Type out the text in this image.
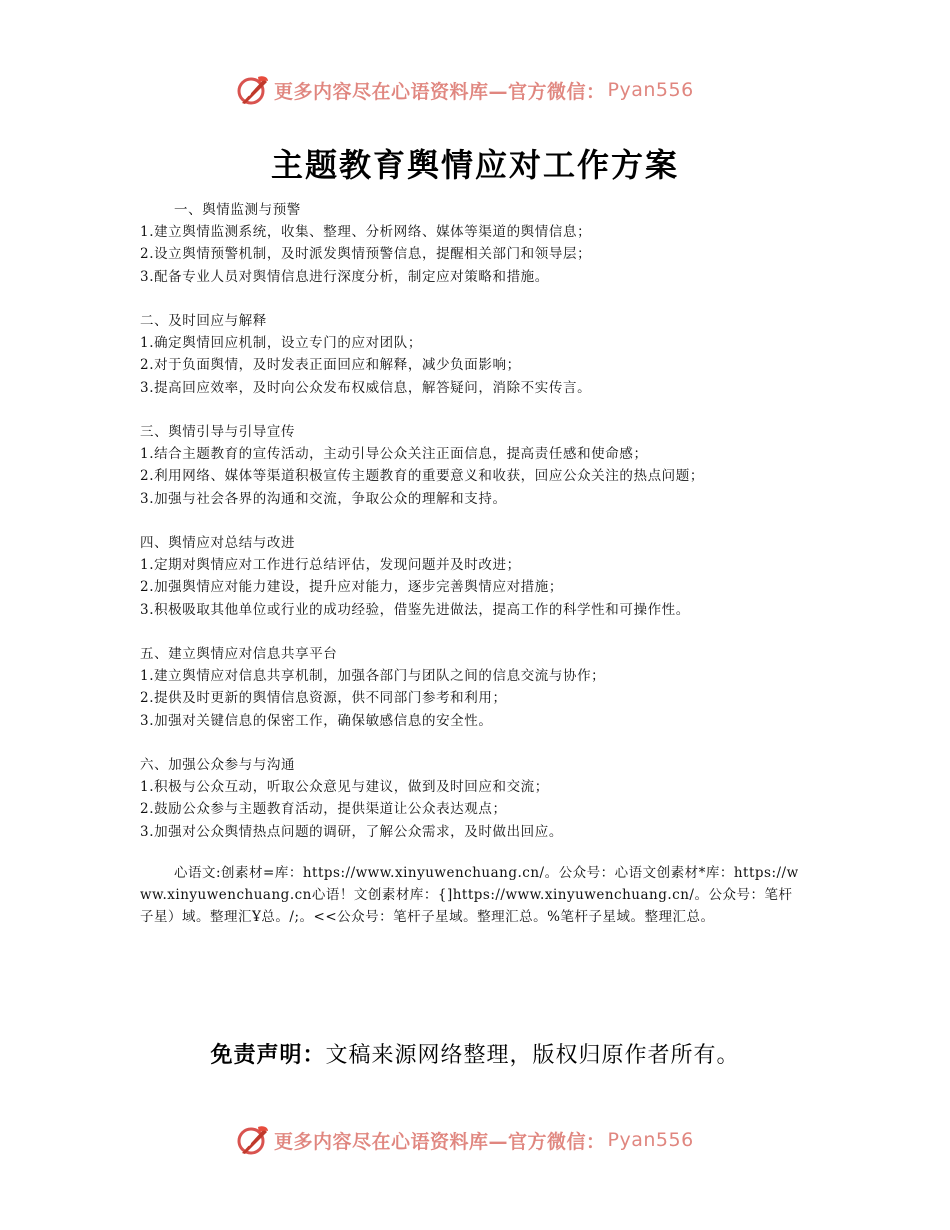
更多内容尽在心语资料库—官方微信： Pyan556
主题教育舆情应对工作方案
一、舆情监测与预警
1.建立舆情监测系统，收集、整理、分析网络、媒体等渠道的舆情信息；
2.设立舆情预警机制，及时派发舆情预警信息，提醒相关部门和领导层；
3.配备专业人员对舆情信息进行深度分析，制定应对策略和措施。
二、及时回应与解释
1.确定舆情回应机制，设立专门的应对团队；
2.对于负面舆情，及时发表正面回应和解释，减少负面影响；
3.提高回应效率，及时向公众发布权威信息，解答疑问，消除不实传言。
三、舆情引导与引导宣传
1.结合主题教育的宣传活动，主动引导公众关注正面信息，提高责任感和使命感；
2.利用网络、媒体等渠道积极宣传主题教育的重要意义和收获，回应公众关注的热点问题；
3.加强与社会各界的沟通和交流，争取公众的理解和支持。
四、舆情应对总结与改进
1.定期对舆情应对工作进行总结评估，发现问题并及时改进；
2.加强舆情应对能力建设，提升应对能力，逐步完善舆情应对措施；
3.积极吸取其他单位或行业的成功经验，借鉴先进做法，提高工作的科学性和可操作性。
五、建立舆情应对信息共享平台
1.建立舆情应对信息共享机制，加强各部门与团队之间的信息交流与协作；
2.提供及时更新的舆情信息资源，供不同部门参考和利用；
3.加强对关键信息的保密工作，确保敏感信息的安全性。
六、加强公众参与与沟通
1.积极与公众互动，听取公众意见与建议，做到及时回应和交流；
2.鼓励公众参与主题教育活动，提供渠道让公众表达观点；
3.加强对公众舆情热点问题的调研，了解公众需求，及时做出回应。
心语文:创素材=库：https://www.xinyuwenchuang.cn/。公众号：心语文创素材*库：https://www.xinyuwenchuang.cn心语！文创素材库：{]https://www.xinyuwenchuang.cn/。公众号：笔杆子星）域。整理汇Ұ总。/;。<<公众号：笔杆子星域。整理汇总。%笔杆子星域。整理汇总。
免责声明：文稿来源网络整理，版权归原作者所有。
更多内容尽在心语资料库—官方微信： Pyan556
